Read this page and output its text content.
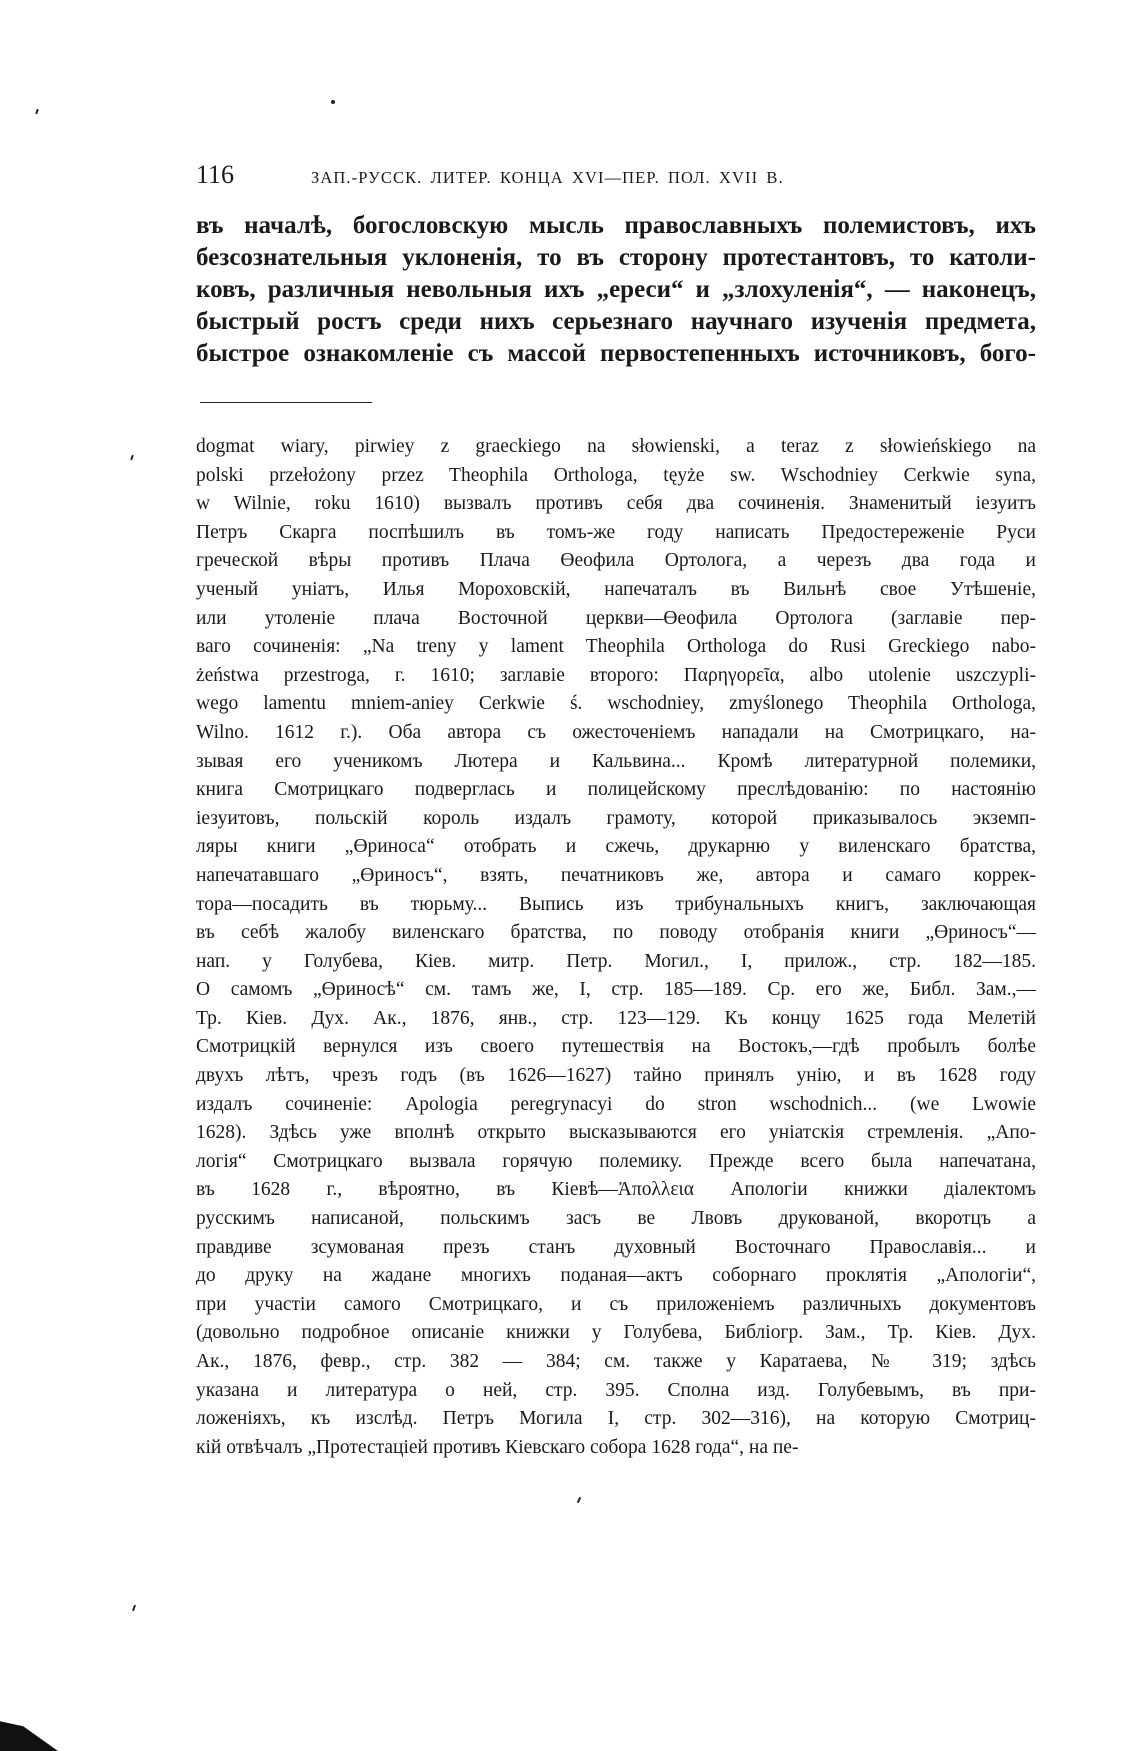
116	ЗАП.-РУССК. ЛИТЕР. КОНЦА XVI—ПЕР. ПОЛ. XVII В.
въ началѣ, богословскую мысль православныхъ полемистовъ, ихъ
безсознательныя уклоненія, то въ сторону протестантовъ, то католи-
ковъ, различныя невольныя ихъ „ереси“ и „злохуленія“, — наконецъ,
быстрый ростъ среди нихъ серьезнаго научнаго изученія предмета,
быстрое ознакомленіе съ массой первостепенныхъ источниковъ, бого-
dogmat wiary, pirwiey z graeckiego na słowienski, a teraz z słowieńskiego na
polski przełożony przez Theophila Orthologa, tęyże sw. Wschodniey Cerkwie syna,
w Wilnie, roku 1610) вызвалъ противъ себя два сочиненія. Знаменитый іезуитъ
Петръ Скарга поспѣшилъ въ томъ-же году написать Предостереженіе Руси
греческой вѣры противъ Плача Өеофила Ортолога, а черезъ два года и
ученый уніатъ, Илья Мороховскій, напечаталъ въ Вильнѣ свое Утѣшеніе,
или утоленіе плача Восточной церкви—Өеофила Ортолога (заглавіе пер-
ваго сочиненія: „Na treny y lament Theophila Orthologa do Rusi Greckiego nabo-
żeństwa przestroga, г. 1610; заглавіе второго: Παρηγορεῖα, albo utolenie uszczypli-
wego lamentu mniem-aniey Cerkwie ś. wschodniey, zmyślonego Theophila Orthologa,
Wilno. 1612 г.). Оба автора съ ожесточеніемъ нападали на Смотрицкаго, на-
зывая его ученикомъ Лютера и Кальвина... Кромѣ литературной полемики,
книга Смотрицкаго подверглась и полицейскому преслѣдованію: по настоянію
іезуитовъ, польскій король издалъ грамоту, которой приказывалось экземп-
ляры книги „Өриноса“ отобрать и сжечь, друкарню у виленскаго братства,
напечатавшаго „Өриносъ“, взять, печатниковъ же, автора и самаго коррек-
тора—посадить въ тюрьму... Выпись изъ трибунальныхъ книгъ, заключающая
въ себѣ жалобу виленскаго братства, по поводу отобранія книги „Өриносъ“—
нап. у Голубева, Кіев. митр. Петр. Могил., I, прилож., стр. 182—185.
О самомъ „Өриносѣ“ см. тамъ же, I, стр. 185—189. Ср. его же, Библ. Зам.,—
Тр. Кіев. Дух. Ак., 1876, янв., стр. 123—129. Къ концу 1625 года Мелетій
Смотрицкій вернулся изъ своего путешествія на Востокъ,—гдѣ пробылъ болѣе
двухъ лѣтъ, чрезъ годъ (въ 1626—1627) тайно принялъ унію, и въ 1628 году
издалъ сочиненіе: Apologia peregrynacyi do stron wschodnich... (we Lwowie
1628). Здѣсь уже вполнѣ открыто высказываются его уніатскія стремленія. „Апо-
логія“ Смотрицкаго вызвала горячую полемику. Прежде всего была напечатана,
въ 1628 г., вѣроятно, въ Кіевѣ—Ἀπολλεια Апологіи книжки діалектомъ
русскимъ написаной, польскимъ засъ ве Лвовъ друкованой, вкоротцъ а
правдиве зсумованая презъ станъ духовный Восточнаго Православія... и
до друку на жадане многихъ поданая—актъ соборнаго проклятія „Апологіи“,
при участіи самого Смотрицкаго, и съ приложеніемъ различныхъ документовъ
(довольно подробное описаніе книжки у Голубева, Библіогр. Зам., Тр. Кіев. Дух.
Ак., 1876, февр., стр. 382 — 384; см. также у Каратаева, № 319; здѣсь
указана и литература о ней, стр. 395. Сполна изд. Голубевымъ, въ при-
ложеніяхъ, къ изслѣд. Петръ Могила I, стр. 302—316), на которую Смотриц-
кій отвѣчалъ „Протестаціей противъ Кіевскаго собора 1628 года“, на пе-
